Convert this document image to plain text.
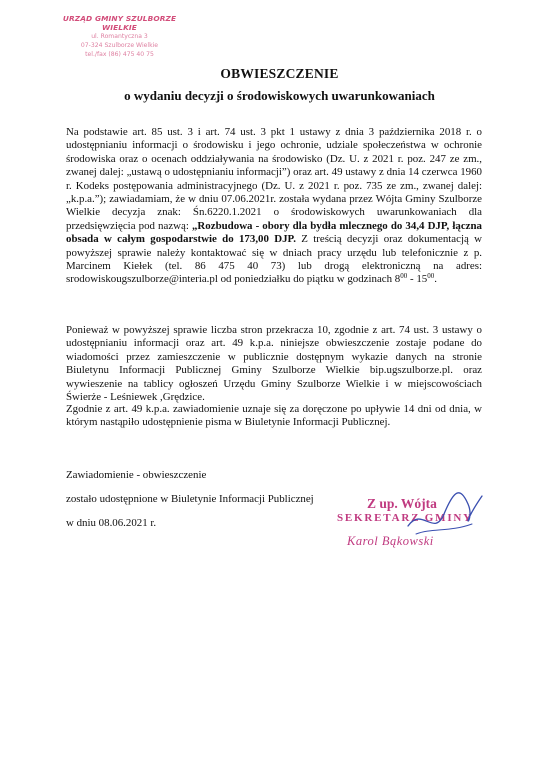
URZĄD GMINY SZULBORZE WIELKIE
ul. Romantyczna 3
07-324 Szulborze Wielkie
tel./fax (86) 475 40 75
OBWIESZCZENIE
o wydaniu decyzji o środowiskowych uwarunkowaniach

Na podstawie art. 85 ust. 3 i art. 74 ust. 3 pkt 1 ustawy z dnia 3 października 2018 r. o udostępnianiu informacji o środowisku i jego ochronie, udziale społeczeństwa w ochronie środowiska oraz o ocenach oddziaływania na środowisko (Dz. U. z 2021 r. poz. 247 ze zm., zwanej dalej: „ustawą o udostępnianiu informacji”) oraz art. 49 ustawy z dnia 14 czerwca 1960 r. Kodeks postępowania administracyjnego (Dz. U. z 2021 r. poz. 735 ze zm., zwanej dalej: „k.p.a.”); zawiadamiam, że w dniu 07.06.2021r. została wydana przez Wójta Gminy Szulborze Wielkie decyzja znak: Śn.6220.1.2021 o środowiskowych uwarunkowaniach dla przedsięwzięcia pod nazwą: „Rozbudowa - obory dla bydła mlecznego do 34,4 DJP, łączna obsada w całym gospodarstwie do 173,00 DJP. Z treścią decyzji oraz dokumentacją w powyższej sprawie należy kontaktować się w dniach pracy urzędu lub telefonicznie z p. Marcinem Kiełek (tel. 86 475 40 73) lub drogą elektroniczną na adres: srodowiskougszulborze@interia.pl od poniedziałku do piątku w godzinach $8^{00} - 15^{00}$.

Ponieważ w powyższej sprawie liczba stron przekracza 10, zgodnie z art. 74 ust. 3 ustawy o udostępnianiu informacji oraz art. 49 k.p.a. niniejsze obwieszczenie zostaje podane do wiadomości przez zamieszczenie w publicznie dostępnym wykazie danych na stronie Biuletynu Informacji Publicznej Gminy Szulborze Wielkie bip.ugszulborze.pl. oraz wywieszenie na tablicy ogłoszeń Urzędu Gminy Szulborze Wielkie i w miejscowościach Świerże - Leśniewek ,Grędzice.

Zgodnie z art. 49 k.p.a. zawiadomienie uznaje się za doręczone po upływie 14 dni od dnia, w którym nastąpiło udostępnienie pisma w Biuletynie Informacji Publicznej.

Zawiadomienie - obwieszczenie
zostało udostępnione w Biuletynie Informacji Publicznej
w dniu 08.06.2021 r.
Z up. Wójta
SEKRETARZ GMINY
Karol Bąkowski
